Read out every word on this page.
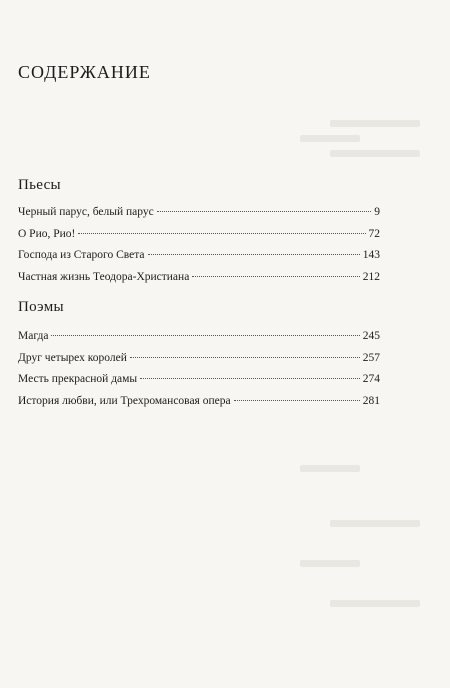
СОДЕРЖАНИЕ
Пьесы
Черный парус, белый парус	9
О Рио, Рио!	72
Господа из Старого Света	143
Частная жизнь Теодора-Христиана	212
Поэмы
Магда	245
Друг четырех королей	257
Месть прекрасной дамы	274
История любви, или Трехромансовая опера	281
